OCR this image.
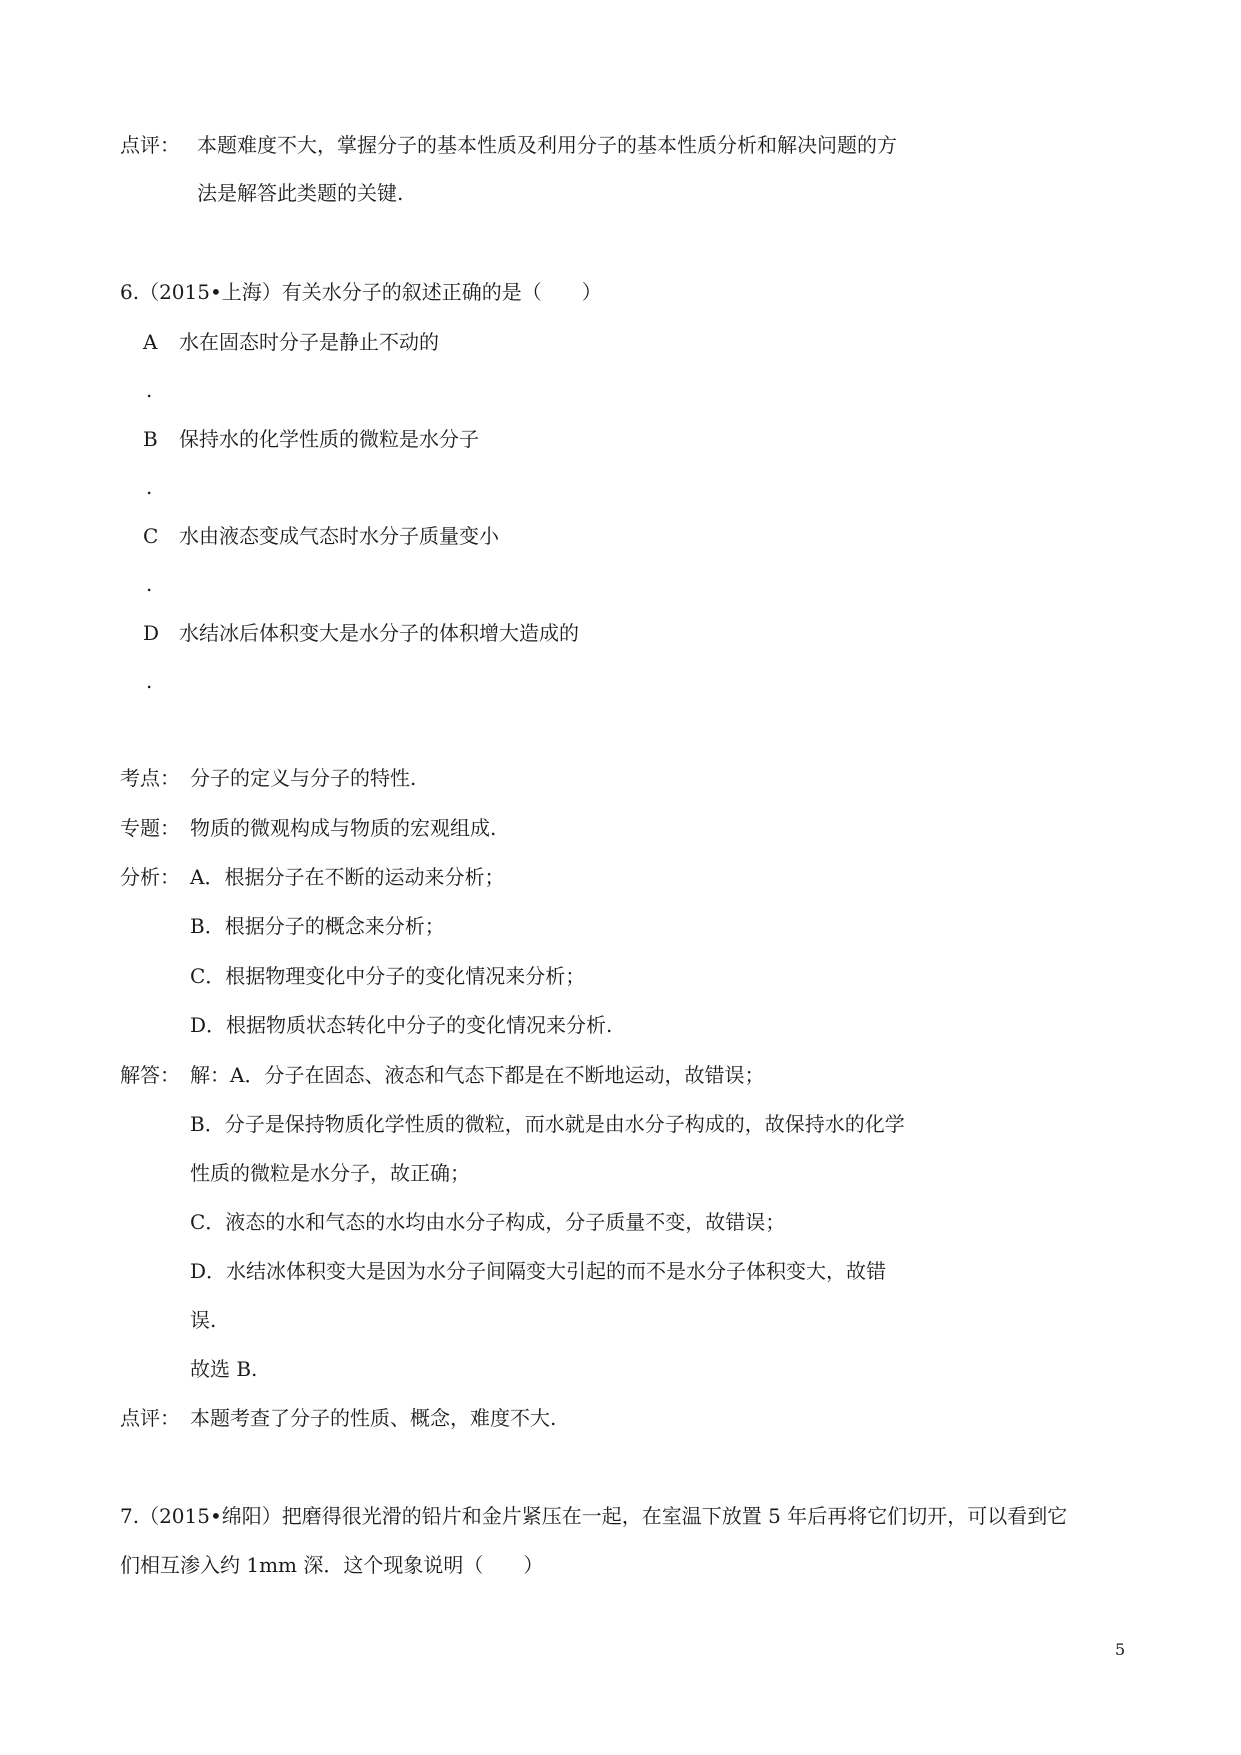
点评： 本题难度不大，掌握分子的基本性质及利用分子的基本性质分析和解决问题的方
法是解答此类题的关键.
6.（2015•上海）有关水分子的叙述正确的是（　　）
A 水在固态时分子是静止不动的
.
B 保持水的化学性质的微粒是水分子
.
C 水由液态变成气态时水分子质量变小
.
D 水结冰后体积变大是水分子的体积增大造成的
.
考点： 分子的定义与分子的特性.
专题： 物质的微观构成与物质的宏观组成.
分析： A．根据分子在不断的运动来分析；
B．根据分子的概念来分析；
C．根据物理变化中分子的变化情况来分析；
D．根据物质状态转化中分子的变化情况来分析.
解答： 解：A．分子在固态、液态和气态下都是在不断地运动，故错误；
B．分子是保持物质化学性质的微粒，而水就是由水分子构成的，故保持水的化学
性质的微粒是水分子，故正确；
C．液态的水和气态的水均由水分子构成，分子质量不变，故错误；
D．水结冰体积变大是因为水分子间隔变大引起的而不是水分子体积变大，故错
误.
故选 B.
点评： 本题考查了分子的性质、概念，难度不大.
7.（2015•绵阳）把磨得很光滑的铅片和金片紧压在一起，在室温下放置 5 年后再将它们切开，可以看到它
们相互渗入约 1mm 深．这个现象说明（　　）
5
